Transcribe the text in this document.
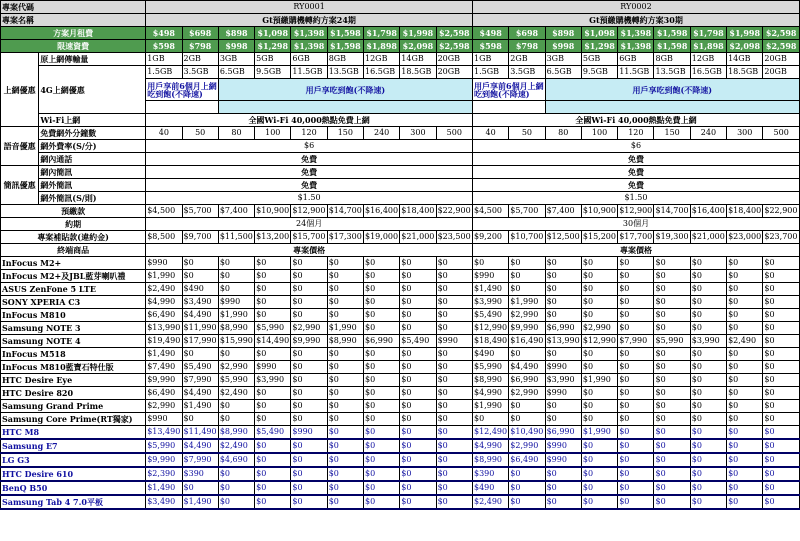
專案代碼		RY0001									RY0002								
專案名稱		Gt預繳購機轉約方案24期									Gt預繳購機轉約方案30期								
方案月租費		$498	$698	$898	$1,098	$1,398	$1,598	$1,798	$1,998	$2,598	$498	$698	$898	$1,098	$1,398	$1,598	$1,798	$1,998	$2,598
限速資費		$598	$798	$998	$1,298	$1,398	$1,598	$1,898	$2,098	$2,598	$598	$798	$998	$1,298	$1,398	$1,598	$1,898	$2,098	$2,598
上網優惠	原上網傳輸量	1GB	2GB	3GB	5GB	6GB	8GB	12GB	14GB	20GB	1GB	2GB	3GB	5GB	6GB	8GB	12GB	14GB	20GB
	4G上網優惠	1.5GB	3.5GB	6.5GB	9.5GB	11.5GB	13.5GB	16.5GB	18.5GB	20GB	1.5GB	3.5GB	6.5GB	9.5GB	11.5GB	13.5GB	16.5GB	18.5GB	20GB
		用戶享前6個月上網吃到飽(不降速)		用戶享吃到飽(不降速)							用戶享前6個月上網吃到飽(不降速)		用戶享吃到飽(不降速)						

	Wi-Fi上網	全國Wi-Fi 40,000熱點免費上網									全國Wi-Fi 40,000熱點免費上網								
語音優惠	免費網外分鐘數	40	50	80	100	120	150	240	300	500	40	50	80	100	120	150	240	300	500
	網外費率(S/分)	$6									$6								
	網內通話	免費									免費								
簡訊優惠	網內簡訊	免費									免費								
	網外簡訊	免費									免費								
	網外簡訊(S/則)	$1.50									$1.50								
預繳款		$4,500	$5,700	$7,400	$10,900	$12,900	$14,700	$16,400	$18,400	$22,900	$4,500	$5,700	$7,400	$10,900	$12,900	$14,700	$16,400	$18,400	$22,900
約期		24個月									30個月								
專案補貼款(違約金)		$8,500	$9,700	$11,500	$13,200	$15,700	$17,300	$19,000	$21,000	$23,500	$9,200	$10,700	$12,500	$15,200	$17,700	$19,300	$21,000	$23,000	$23,700
終端商品		專案價格									專案價格								
InFocus M2+		$990	$0	$0	$0	$0	$0	$0	$0	$0	$0	$0	$0	$0	$0	$0	$0	$0	$0
InFocus M2+及JBL藍芽喇叭禮		$1,990	$0	$0	$0	$0	$0	$0	$0	$0	$990	$0	$0	$0	$0	$0	$0	$0	$0
ASUS ZenFone 5 LTE		$2,490	$490	$0	$0	$0	$0	$0	$0	$0	$1,490	$0	$0	$0	$0	$0	$0	$0	$0
SONY XPERIA C3		$4,990	$3,490	$990	$0	$0	$0	$0	$0	$0	$3,990	$1,990	$0	$0	$0	$0	$0	$0	$0
InFocus M810		$6,490	$4,490	$1,990	$0	$0	$0	$0	$0	$0	$5,490	$2,990	$0	$0	$0	$0	$0	$0	$0
Samsung NOTE 3		$13,990	$11,990	$8,990	$5,990	$2,990	$1,990	$0	$0	$0	$12,990	$9,990	$6,990	$2,990	$0	$0	$0	$0	$0
Samsung NOTE 4		$19,490	$17,990	$15,990	$14,490	$9,990	$8,990	$6,990	$5,490	$990	$18,490	$16,490	$13,990	$12,990	$7,990	$5,990	$3,990	$2,490	$0
InFocus M518		$1,490	$0	$0	$0	$0	$0	$0	$0	$0	$490	$0	$0	$0	$0	$0	$0	$0	$0
InFocus M810藍寶石特仕版		$7,490	$5,490	$2,990	$990	$0	$0	$0	$0	$0	$5,990	$4,490	$990	$0	$0	$0	$0	$0	$0
HTC Desire Eye		$9,990	$7,990	$5,990	$3,990	$0	$0	$0	$0	$0	$8,990	$6,990	$3,990	$1,990	$0	$0	$0	$0	$0
HTC Desire 820		$6,490	$4,490	$2,490	$0	$0	$0	$0	$0	$0	$4,990	$2,990	$990	$0	$0	$0	$0	$0	$0
Samsung Grand Prime		$2,990	$1,490	$0	$0	$0	$0	$0	$0	$0	$1,990	$0	$0	$0	$0	$0	$0	$0	$0
Samsung Core Prime(RT獨家)		$990	$0	$0	$0	$0	$0	$0	$0	$0	$0	$0	$0	$0	$0	$0	$0	$0	$0
HTC M8		$13,490	$11,490	$8,990	$5,490	$990	$0	$0	$0	$0	$12,490	$10,490	$6,990	$1,990	$0	$0	$0	$0	$0
Samsung E7		$5,990	$4,490	$2,490	$0	$0	$0	$0	$0	$0	$4,990	$2,990	$990	$0	$0	$0	$0	$0	$0
LG G3		$9,990	$7,990	$4,690	$0	$0	$0	$0	$0	$0	$8,990	$6,490	$990	$0	$0	$0	$0	$0	$0
HTC Desire 610		$2,390	$390	$0	$0	$0	$0	$0	$0	$0	$390	$0	$0	$0	$0	$0	$0	$0	$0
BenQ B50		$1,490	$0	$0	$0	$0	$0	$0	$0	$0	$490	$0	$0	$0	$0	$0	$0	$0	$0
Samsung Tab 4 7.0平板		$3,490	$1,490	$0	$0	$0	$0	$0	$0	$0	$2,490	$0	$0	$0	$0	$0	$0	$0	$0
